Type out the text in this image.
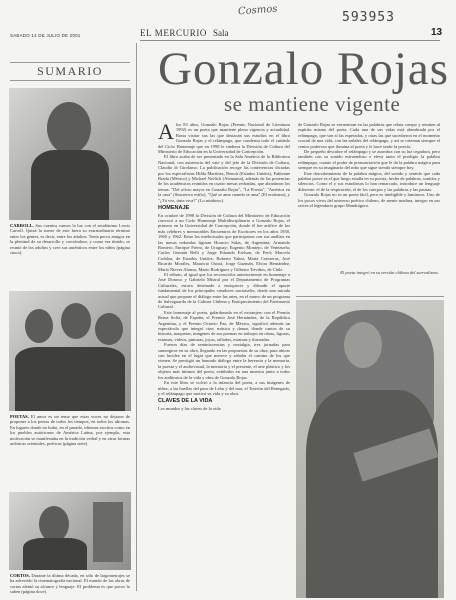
Cosmos	593953
SABADO 14 DE JULIO DE 2001	EL MERCURIO Sala	13
SUMARIO
CARROLL. Sus cuentos vamos la luz con el seudónimo Lewis Carroll. Quizá la suerte de este fuera su extraordinario término entre los gentes, es decir, entre los adultos. Tenía pocos amigos en la plenitud de su desarrollo y creciéndose, y como era tímido, se reunió de los adultos y creó sus auténticos entre los niños (página cinco).
POETAS. El amor es un tema que estas voces no dejaron de proponer a los poetas de todos los tiempos, en todos los idiomas. En lugares donde no hubo, en el pasado, idiomas escritos como en los pueblos autóctonos de América Latina, por ejemplo, esta motivación se manifestaba en la tradición verbal y en otras formas artísticas orientales, poéticas (página siete).
CORTOS. Durante la última década, en sólo de largometrajes se ha advertido la cinematografía nacional. El mundo de las obras de cortos alentó su alcance y lenguaje. El problema es que pocos lo saben (página doce).
Gonzalo Rojas
se mantiene vigente
A los 83 años, Gonzalo Rojas (Premio Nacional de Literatura 1992) es un poeta que mantiene plena vigencia y actualidad. Basta visitar sus las que destacan sus estudios en el libro Gonzalo Rojas y el relámpago, que condensa todo el cuidado del Ciclo Homenaje que en 1998 le rindiera la División de Cultura del Ministerio de Educación en la Universidad de Concepción.

El libro acaba de ser presentado en la Sala América de la Biblioteca Nacional, con asistencia del vate y del jefe de la División de Cultura, Claudio di Girolamo. La publicación recoge las conferencias dictadas por los especialistas Hilda Martínez, Benoit (Estados Unidos), Fabienne Bradu (México) y Michael Nerlich (Alemania), además de las ponencias de los académicos reunidos en cuatro mesas redondas, que abordaron los temas: "Del oficio mayor en Gonzalo Rojas", "La Poesía", "América en la casa" (Sincretico estilo), "Qué se ama cuando se ama" (El erotismo), y "¿Tú vez, tinta viva?" (Lo nimboso).

HOMENAJE

En octubre de 1998 la División de Cultura del Ministerio de Educación convocó a un Ciclo Homenaje Multidisciplinario a Gonzalo Rojas, el primero en la Universidad de Concepción, donde él fue artífice de los más célebres y memorables Encuentros de Escritores en los años 1958, 1960 y 1962. Entre los intelectuales que participaron con sus análisis en las mesas redondas figuran Horacio Salas, de Argentina; Armando Romero, Enrique Fierro, de Uruguay; Eugenio Montejo, de Venezuela; Carlos Germán Belli y Jorge Eduardo Eielson, de Perú; Marcelo Coddou, de Estados Unidos; Roberto Yahni, Marta Contreras, José Ricardo Morales, Mauricio Ostria, Jorge Guzmán, Elvira Hernández, María Nieves Alonso, Mario Rodríguez y Gilberto Triviños, de Chile.

El tributo, al igual que los reconocidos anteriormente en homenaje a José Donoso y Gabriela Mistral por el Departamento de Programas Culturales, estuvo destinado a enriquecer y difundir el aporte fundamental de los principales creadores nacionales, desde una mirada actual que propone el diálogo entre las artes, en el marco de un programa de Salvaguarda de la Cultura Chilena y Enriquecimiento del Patrimonio Cultural.

Este homenaje al poeta, galardonado en el extranjero con el Premio Reina Sofía, de España; el Premio José Hernández, de la República Argentina, y el Premio Octavio Paz, de México, significó además un espectáculo que integró cine, música y danza, donde cantos de su historia, maquetas, imágenes de sus poemas en trabajos en obras, figuras, estatuas, videos, pinturas, joyas, tallados, estatuas y ilustradas.

Fueron días de reminiscencias y nostalgia, tres jornadas para sumergirse en su obra, llegando en las propuestas de su obra, para ubicar con lucidez en el lugar que merece y señalar el camino de los que vienen. Se prestigió un honrado diálogo entre la herencia y la memoria, la poesía y el audiovisual, la memoria y el presente, el arte plástico y los objetos más íntimos del poeta, exhibidos en una muestra junto a todos los auditorios de la vida y obra de Gonzalo Rojas.

En este libro se volvió a la infancia del poeta, a sus imágenes de niñez, a las huellas del paso de Lebu y del mar, el Torreón del Renegado, y el relámpago que motivó su vida y su obra.

CLAVES DE LA VIDA

Los mundos y las claves de la vida

de Gonzalo Rojas se encuentran en las palabras que relata cuerpo y remiten al espíritu mismo del poeta. Cada una de sus vidas está alumbrada por el relámpago, que son sí las esperadas, y otras las que sucedieron en el momento crucial de una vida, con las señales del relámpago, y así se orientan siempre el centro poderoso que ilumina al poeta y le hace sentir la poesía.

De pequeño descubre el relámpago y se asombra con su luz cegadora, pero también con su sonido estruendoso e eleva tanto el prodigio la palabra relámpago, cuanto el poder de pronunciación que le da la palabra mágica para siempre en su imaginario del niño que sigue siendo siempre hoy.

Este descubrimiento de la palabra mágica, del sonido y sentido que cada palabra posee es el que luego estalla en su poesía, hecha de palabras, sonidos y silencios. Como el y sus estudiosos lo han remarcado, introduce un lenguaje diferente: el de la respiración, el de los cuerpos y las palabras y las pausas.

Gonzalo Rojas no es un poeta fácil, pero es inteligible y luminoso. Uno de los pocos vivos del universo poético chileno, de mente madura, integro en sus raíces el legendario grupo Mandrágora.

El poeta integró en su versión chilena del surrealismo.
